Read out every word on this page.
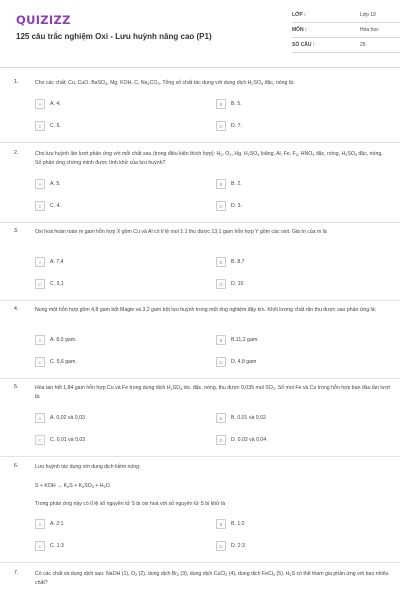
QUIZIZZ
125 câu trắc nghiệm Oxi - Lưu huỳnh nâng cao (P1)
LỚP :	Lớp 10
MÔN :	Hóa học
SỐ CÂU :	25
1.	Cho các chất: Cu, CuO, BaSO$_4$, Mg, KOH, C, $Na_2CO_3$. Tổng số chất tác dụng với dung dịch $H_2SO_4$ đặc, nóng là:
A	A. 4.	B	B. 5.
C	C. 6.	D	D. 7.
2.	Cho lưu huỳnh lần lượt phản ứng với mỗi chất sau (trong điều kiện thích hợp): $H_2$, $O_2$, Hg, $H_2SO_4$ loãng, Al, Fe, $F_2$, $HNO_3$ đặc, nóng, $H_2SO_4$ đặc, nóng. Số phản ứng chứng minh được tính khử của lưu huỳnh?
A	A. 5.	B	B. 2.
C	C. 4.	D	D. 3.
3.	Oxi hoá hoàn toàn m gam hỗn hợp X gồm Cu và Al có tỉ lệ mol 1:1 thu được 13,1 gam hỗn hợp Y gồm các oxit. Giá trị của m là
A	A. 7,4	B	B. 8,7
C	C. 9,1	D	D. 10.
4.	Nung một hỗn hợp gồm 4,8 gam bột Magie và 3,2 gam bột lưu huỳnh trong một ống nghiệm đậy kín. Khối lượng chất rắn thu được sau phản ứng là:
A	A. 8,0 gam.	B	B.11,2 gam.
C	C. 5,6 gam.	D	D. 4,8 gam
5.	Hòa tan hết 1,84 gam hỗn hợp Cu và Fe trong dung dịch $H_2SO_4$ dư, đặc, nóng, thu được 0,035 mol $SO_2$. Số mol Fe và Cu trong hỗn hợp ban đầu lần lượt là:
A	A. 0,02 và 0,03	B	B. 0,01 và 0,02
C	C. 0,01 và 0,03	D	D. 0,02 và 0,04
6.	Lưu huỳnh tác dụng với dung dịch kiềm nóng:
S + KOH → $K_2S + K_2SO_3 + H_2O$.
Trong phản ứng này có tỉ lệ số nguyên tử S bị oxi hoá với số nguyên tử S bị khử là
A	A. 2:1	B	B. 1:2
C	C. 1:3	D	D. 2:3
7.	Có các chất và dung dịch sau: NaOH (1), $O_2$ (2), dung dịch $Br_2$ (3), dung dịch CuCl$_2$ (4), dung dịch FeCl$_2$ (5). $H_2S$ có thể tham gia phản ứng với bao nhiêu chất?
